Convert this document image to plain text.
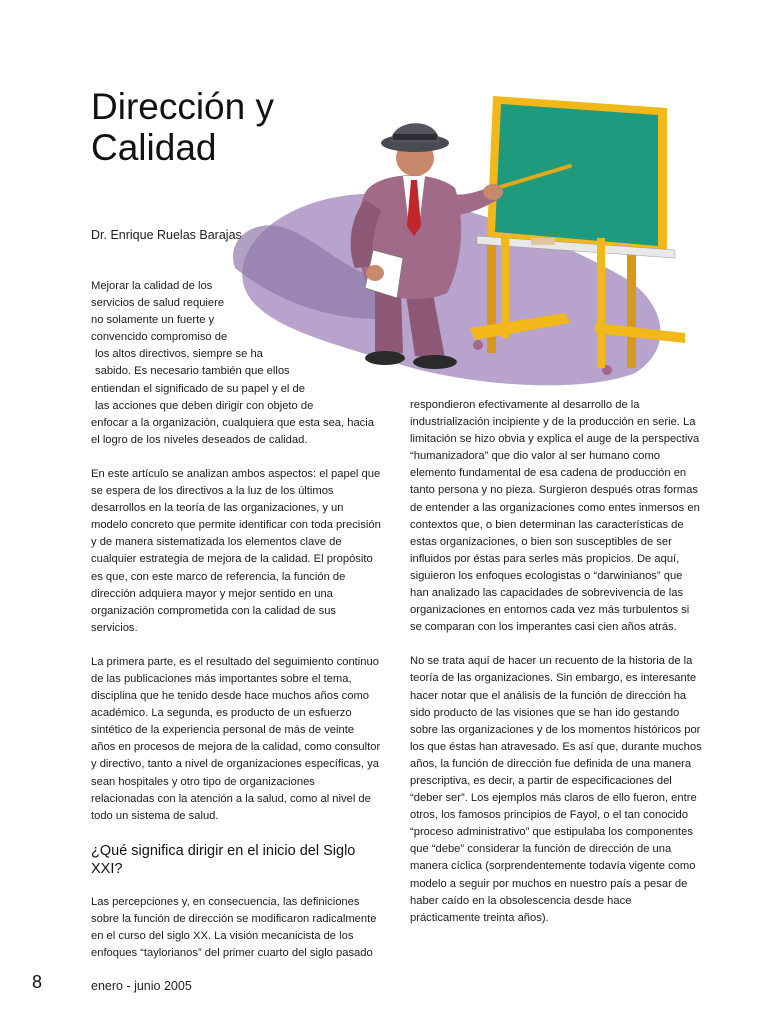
Dirección y
Calidad
Dr. Enrique Ruelas Barajas

Mejorar la calidad de los
servicios de salud requiere
no solamente un fuerte y
convencido compromiso de
los altos directivos, siempre se ha
sabido. Es necesario también que ellos
entiendan el significado de su papel y el de
las acciones que deben dirigir con objeto de
enfocar a la organización, cualquiera que esta sea, hacia
el logro de los niveles deseados de calidad.

En este artículo se analizan ambos aspectos: el papel que se espera de los directivos a la luz de los últimos desarrollos en la teoría de las organizaciones, y un modelo concreto que permite identificar con toda precisión y de manera sistematizada los elementos clave de cualquier estrategia de mejora de la calidad. El propósito es que, con este marco de referencia, la función de dirección adquiera mayor y mejor sentido en una organización comprometida con la calidad de sus servicios.

La primera parte, es el resultado del seguimiento continuo de las publicaciones más importantes sobre el tema, disciplina que he tenido desde hace muchos años como académico. La segunda, es producto de un esfuerzo sintético de la experiencia personal de más de veinte años en procesos de mejora de la calidad, como consultor y directivo, tanto a nivel de organizaciones específicas, ya sean hospitales y otro tipo de organizaciones relacionadas con la atención a la salud, como al nivel de todo un sistema de salud.

¿Qué significa dirigir en el inicio del Siglo XXI?

Las percepciones y, en consecuencia, las definiciones sobre la función de dirección se modificaron radicalmente en el curso del siglo XX. La visión mecanicista de los enfoques “taylorianos” del primer cuarto del siglo pasado

respondieron efectivamente al desarrollo de la industrialización incipiente y de la producción en serie. La limitación se hizo obvia y explica el auge de la perspectiva “humanizadora” que dio valor al ser humano como elemento fundamental de esa cadena de producción en tanto persona y no pieza. Surgieron después otras formas de entender a las organizaciones como entes inmersos en contextos que, o bien determinan las características de estas organizaciones, o bien son susceptibles de ser influidos por éstas para serles más propicios. De aquí, siguieron los enfoques ecologistas o “darwinianos” que han analizado las capacidades de sobrevivencia de las organizaciones en entornos cada vez más turbulentos si se comparan con los imperantes casi cien años atrás.

No se trata aquí de hacer un recuento de la historia de la teoría de las organizaciones. Sin embargo, es interesante hacer notar que el análisis de la función de dirección ha sido producto de las visiones que se han ido gestando sobre las organizaciones y de los momentos históricos por los que éstas han atravesado. Es así que, durante muchos años, la función de dirección fue definida de una manera prescriptiva, es decir, a partir de especificaciones del “deber ser”. Los ejemplos más claros de ello fueron, entre otros, los famosos principios de Fayol, o el tan conocido “proceso administrativo” que estipulaba los componentes que “debe” considerar la función de dirección de una manera cíclica (sorprendentemente todavía vigente como modelo a seguir por muchos en nuestro país a pesar de haber caído en la obsolescencia desde hace prácticamente treinta años).

8	enero - junio 2005
